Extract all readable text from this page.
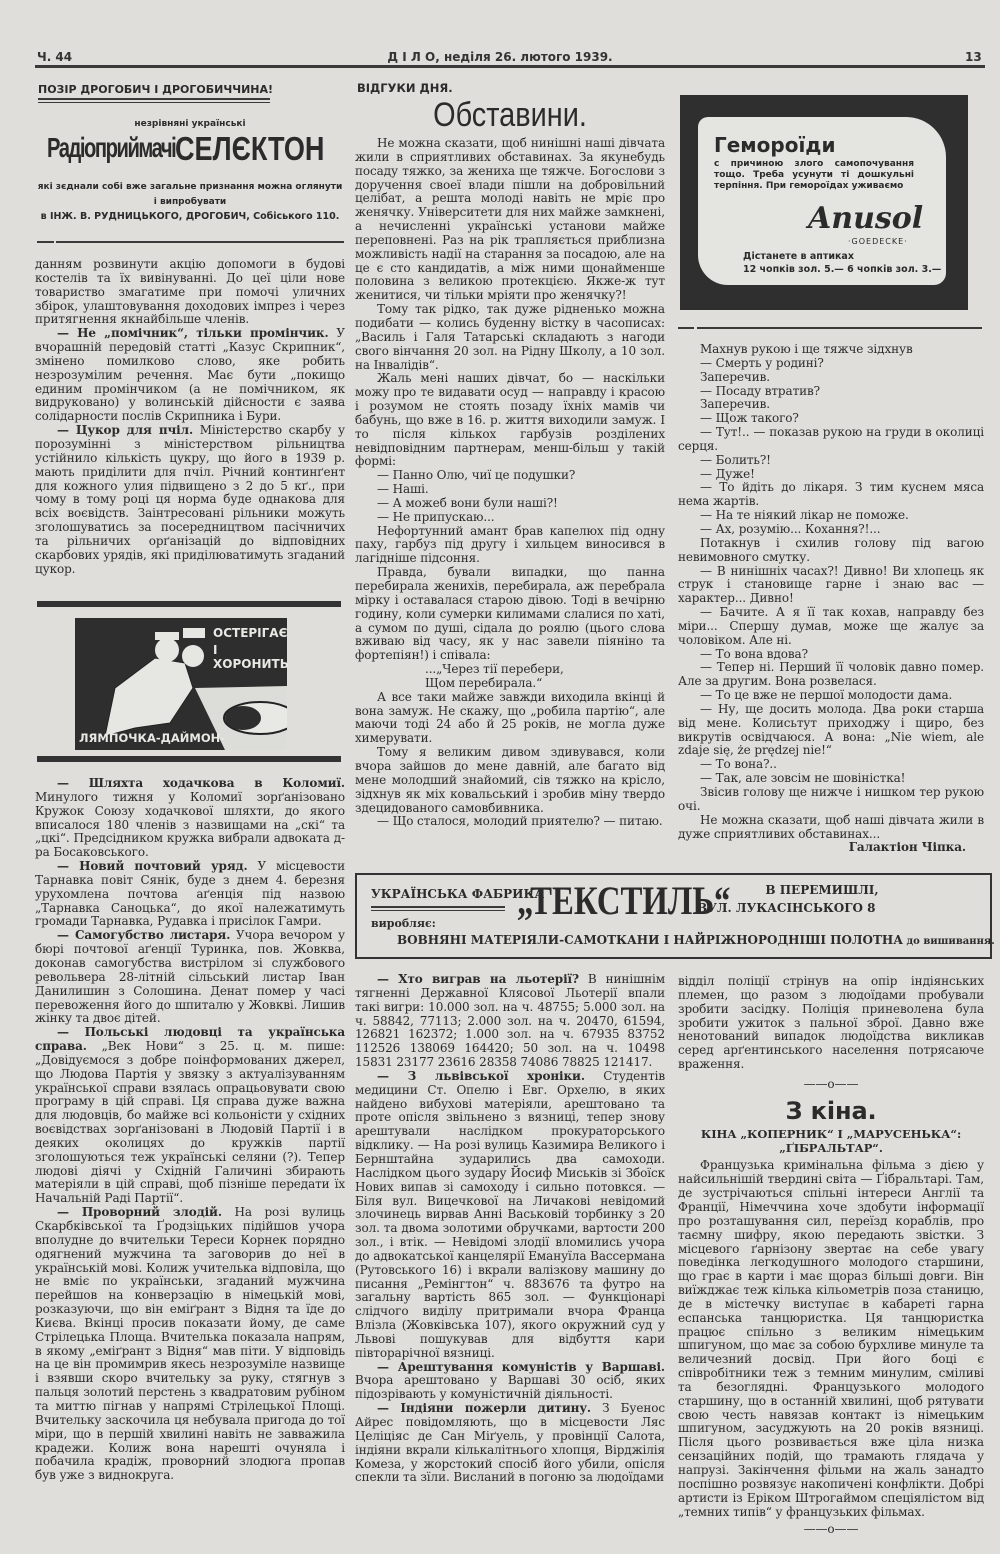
Ч. 44	Д І Л О, неділя 26. лютого 1939.	13
ПОЗІР ДРОГОБИЧ І ДРОГОБИЧЧИНА!
незрівняні українські
Радіоприймачі СЕЛЄКТОН
які зєднали собі вже загальне признання можна оглянути і випробувати
в ІНЖ. В. РУДНИЦЬКОГО, ДРОГОБИЧ, Собіського 110.

данням розвинути акцію допомоги в будові костелів та їх вивінуванні. До цеї ціли нове товариство змагатиме при помочі уличних збірок, улаштовування доходових імпрез і через притягнення якнайбільше членів.

— Не „помічник“, тільки промінчик. У вчорашній передовій статті „Казус Скрипник“, змінено помилково слово, яке робить незрозумілим речення. Має бути „покищо единим промінчиком (а не помічником, як видруковано) у волинській дійсности є заява солідарности послів Скрипника і Бури.

— Цукор для пчіл. Міністерство скарбу у порозумінні з міністерством рільництва устійнило кількість цукру, що його в 1939 р. мають приділити для пчіл. Річний континґент для кожного улия підвищено з 2 до 5 кґ., при чому в тому році ця норма буде однакова для всіх воєвідств. Заінтресовані рільники можуть зголошуватись за посередництвом пасічничих та рільничих орґанізацій до відповідних скарбових урядів, які приділюватимуть згаданий цукор.

ОСТЕРІГАЄ
І ХОРОНИТЬ
ЛЯМПОЧКА-ДАЙМОН-

— Шляхта ходачкова в Коломиї. Минулого тижня у Коломиї зорґанізовано Кружок Союзу ходачкової шляхти, до якого вписалося 180 членів з назвищами на „скі“ та „цкі“. Предсідником кружка вибрали адвоката д-ра Босаковського.

— Новий почтовий уряд. У місцевости Тарнавка повіт Сянік, буде з днем 4. березня урухомлена почтова аґенція під назвою „Тарнавка Саноцька“, до якої належатимуть громади Тарнавка, Рудавка і присілок Гамри.

— Самогубство листаря. Учора вечором у бюрі почтової аґенції Туринка, пов. Жовква, доконав самогубства вистрілом зі службового револьвера 28-літній сільський листар Іван Данилишин з Солошина. Денат помер у часі перевоження його до шпиталю у Жовкві. Лишив жінку та двоє дітей.

— Польські людовці та українська справа. „Век Нови“ з 25. ц. м. пише: „Довідуємося з добре поінформованих джерел, що Людова Партія у звязку з актуалізуванням української справи взялась опрацьовувати свою програму в цій справі. Ця справа дуже важна для людовців, бо майже всі кольоністи у східних воєвідствах зорґанізовані в Людовій Партії і в деяких околицях до кружків партії зголошуються теж українські селяни (?). Тепер людові діячі у Східній Галичині збирають матеріяли в цій справі, щоб пізніше передати їх Начальній Раді Партії“.

— Проворний злодій. На розі вулиць Скарбківської та Ґродзіцьких підійшов учора вполудне до вчительки Тереси Корнек порядно одягнений мужчина та заговорив до неї в українській мові. Колиж учителька відповіла, що не вміє по українськи, згаданий мужчина перейшов на конверзацію в німецькій мові, розказуючи, що він еміґрант з Відня та їде до Києва. Вкінці просив показати йому, де саме Стрілецька Площа. Вчителька показала напрям, в якому „еміґрант з Відня“ мав піти. У відповідь на це він промимрив якесь незрозуміле назвище і взявши скоро вчительку за руку, стягнув з пальця золотий перстень з квадратовим рубіном та миттю пігнав у напрямі Стрілецької Площі. Вчительку заскочила ця небувала пригода до тої міри, що в першій хвилині навіть не завважила крадежи. Колиж вона нарешті очуняла і побачила крадіж, проворний злодюга пропав був уже з виднокруга.

ВІДГУКИ ДНЯ.
Обставини.

Не можна сказати, щоб нинішні наші дівчата жили в сприятливих обставинах. За якунебудь посаду тяжко, за жениха ще тяжче. Богослови з доручення своеї влади пішли на добровільний целібат, а решта молоді навіть не мріє про женячку. Університети для них майже замкнені, а нечисленні українські установи майже переповнені. Раз на рік трапляється приблизна можливість надії на старання за посадою, але на це є сто кандидатів, а між ними щонайменше половина з великою протекцією. Якже-ж тут женитися, чи тільки мріяти про женячку?!

Тому так рідко, так дуже рідненько можна подибати — колись буденну вістку в часописах: „Василь і Галя Татарські складають з нагоди свого вінчання 20 зол. на Рідну Школу, а 10 зол. на Інвалідів“.

Жаль мені наших дівчат, бо — наскільки можу про те видавати осуд — направду і красою і розумом не стоять позаду їхніх мамів чи бабунь, що вже в 16. р. життя виходили замуж. І то після кількох гарбузів розділених невідповідним партнерам, менш-більш у такій формі:

— Панно Олю, чиї це подушки?

— Наші.

— А можеб вони були наші?!

— Не припускаю...

Нефортунний амант брав капелюх під одну паху, гарбуз під другу і хильцем виносився в лагідніше підсоння.

Правда, бували випадки, що панна перебирала женихів, перебирала, аж перебрала мірку і оставалася старою дівою. Тоді в вечірню годину, коли сумерки килимами слалися по хаті, а сумом по душі, сідала до роялю (цього слова вживаю від часу, як у нас завели піяніно та фортепіян!) і співала:

...„Через тії перебери,

Щом перебирала.“

А все таки майже завжди виходила вкінці й вона замуж. Не скажу, що „робила партію“, але маючи тоді 24 або й 25 років, не могла дуже химерувати.

Тому я великим дивом здивувався, коли вчора зайшов до мене давній, але багато від мене молодший знайомий, сів тяжко на крісло, зідхнув як міх ковальський і зробив міну твердо здецидованого самовбивника.

— Що сталося, молодий приятелю? — питаю.

Гемороїди
с причиною злого самопочування тощо. Треба усунути ті дошкульні терпіння. При гемороїдах уживаємо
Anusol
·GOEDECKE·
Дістанете в аптиках
12 чопків зол. 5.— 6 чопків зол. 3.—

Махнув рукою і ще тяжче зідхнув

— Смерть у родині?

Заперечив.

— Посаду втратив?

Заперечив.

— Щож такого?

— Тут!.. — показав рукою на груди в околиці серця.

— Болить?!

— Дуже!

— То йдіть до лікаря. З тим куснем мяса нема жартів.

— На те ніякий лікар не поможе.

— Ах, розумію... Кохання?!...

Потакнув і схилив голову під вагою невимовного смутку.

— В нинішніх часах?! Дивно! Ви хлопець як струк і становище гарне і знаю вас — характер... Дивно!

— Бачите. А я її так кохав, направду без міри... Спершу думав, може ще жалує за чоловіком. Але ні.

— То вона вдова?

— Тепер ні. Перший її чоловік давно помер. Але за другим. Вона розвелася.

— То це вже не першої молодости дама.

— Ну, ще досить молода. Два роки старша від мене. Колисьтут приходжу і щиро, без викрутів освідчаюся. А вона: „Nie wiem, ale zdaje się, że prędzej nie!“

— То вона?..

— Так, але зовсім не шовіністка!

Звісив голову ще нижче і нишком тер рукою очі.

Не можна сказати, щоб наші дівчата жили в дуже сприятливих обставинах...

Галактіон Чіпка.

УКРАЇНСЬКА ФАБРИКА
„ТЕКСТИЛЬ“	В ПЕРЕМИШЛІ,
ВУЛ. ЛУКАСІНСЬКОГО 8
виробляє:
ВОВНЯНІ МАТЕРІЯЛИ-САМОТКАНИ І НАЙРІЖНОРОДНІШІ ПОЛОТНА до вишивання.

— Хто виграв на льотерії? В нинішнім тягненні Державної Клясової Льотерії впали такі вигри: 10.000 зол. на ч. 48755; 5.000 зол. на ч. 58842, 77113; 2.000 зол. на ч. 20470, 61594, 126821 162372; 1.000 зол. на ч. 67935 83752 112526 138069 164420; 50 зол. на ч. 10498 15831 23177 23616 28358 74086 78825 121417.

— З львівської хроніки. Студентів медицини Ст. Опелю і Евг. Орхелю, в яких найдено вибухові матеріяли, арештовано та проте опісля звільнено з вязниці, тепер знову арештували наслідком прокураторського відклику. — На розі вулиць Казимира Великого і Бернштайна зударились два самоходи. Наслідком цього зудару Йосиф Миськів зі Збоїск Нових випав зі самоходу і сильно потовкся. — Біля вул. Вицечкової на Личакові невідомий злочинець вирвав Анні Васьковій торбинку з 20 зол. та двома золотими обручками, вартости 200 зол., і втік. — Невідомі злодії вломились учора до адвокатської канцелярії Емануїла Вассермана (Рутовського 16) і вкрали валізкову машину до писання „Ремінгтон“ ч. 883676 та футро на загальну вартість 865 зол. — Функціонарі слідчого виділу притримали вчора Франца Влізла (Жовківська 107), якого окружний суд у Львові пошукував для відбуття кари півторарічної вязниці.

— Арештування комуністів у Варшаві. Вчора арештовано у Варшаві 30 осіб, яких підозрівають у комуністичній діяльності.

— Індіяни пожерли дитину. З Буенос Айрес повідомляють, що в місцевости Ляс Целіціяс де Сан Міґуель, у провінції Салота, індіяни вкрали кількалітнього хлопця, Вірджілія Комеза, у жорстокий спосіб його убили, опісля спекли та зїли. Висланий в погоню за людоїдами

відділ поліції стрінув на опір індіянських племен, що разом з людоїдами пробували зробити засідку. Поліція приневолена була зробити ужиток з пальної зброї. Давно вже ненотований випадок людоїдства викликав серед арґентинського населення потрясаюче враження.

——o——
З кіна.
КІНА „КОПЕРНИК“ І „МАРУСЕНЬКА“:
„ҐІБРАЛЬТАР“.

Французька кримінальна фільма з дією у найсильнішій твердині світа — Ґібральтарі. Там, де зустрічаються спільні інтереси Англії та Франції, Німеччина хоче здобути інформації про розташування сил, переїзд кораблів, про таємну шифру, якою передають звістки. З місцевого ґарнізону звертає на себе увагу поведінка легкодушного молодого старшини, що грає в карти і має щораз більші довги. Він виїжджає теж кілька кільометрів поза станицю, де в містечку виступає в кабареті гарна еспанська танцюристка. Ця танцюристка працює спільно з великим німецьким шпигуном, що має за собою бурхливе минуле та величезний досвід. При його боці є співробітники теж з темним минулим, сміливі та безоглядні. Французького молодого старшину, що в останній хвилині, щоб рятувати свою честь навязав контакт із німецьким шпигуном, засуджують на 20 років вязниці. Після цього розвивається вже ціла низка сензаційних подій, що трамають глядача у напрузі. Закінчення фільми на жаль занадто поспішно розвязує накопичені конфлікти. Добрі артисти із Еріком Штрогаймом спеціялістом від „темних типів“ у французьких фільмах.

——o——
